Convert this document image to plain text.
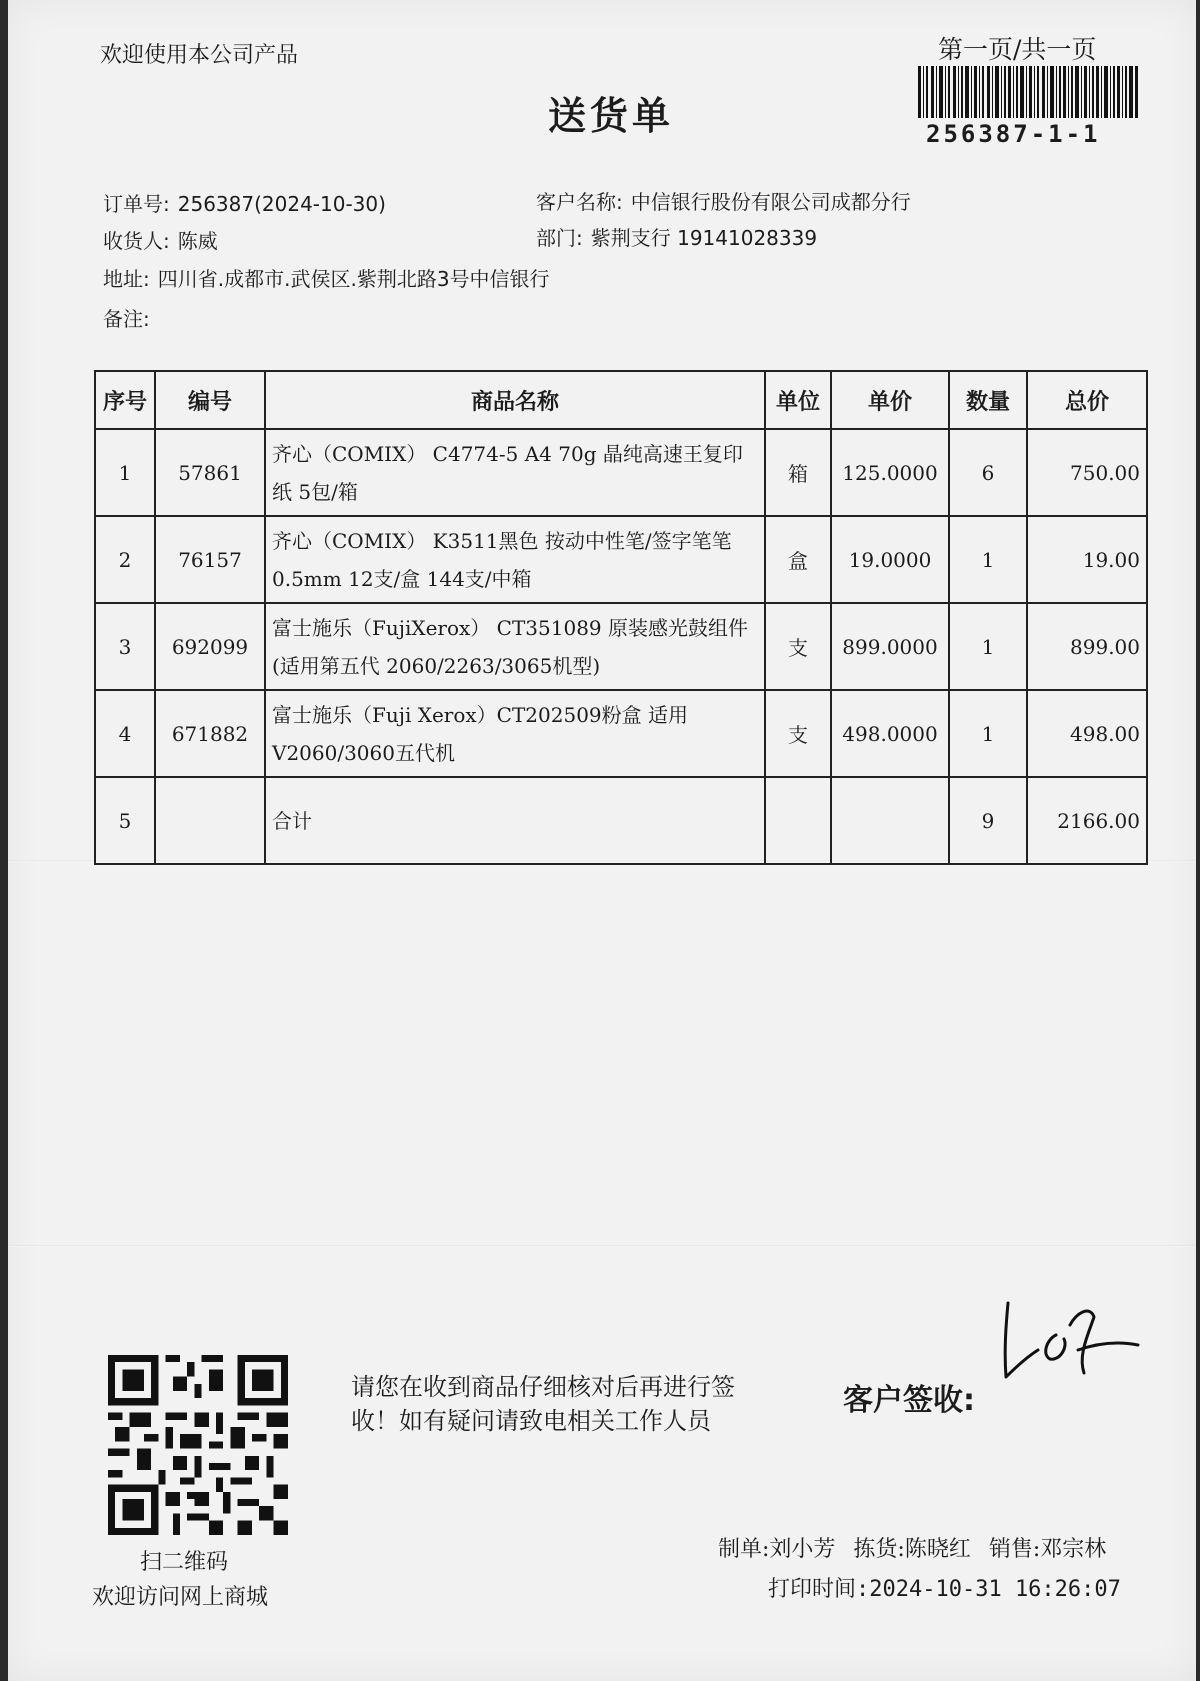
欢迎使用本公司产品	第一页/共一页
送货单	256387-1-1
订单号: 256387(2024-10-30)	客户名称: 中信银行股份有限公司成都分行
收货人: 陈威	部门: 紫荆支行 19141028339
地址: 四川省.成都市.武侯区.紫荆北路3号中信银行
备注:
序号	编号	商品名称	单位	单价	数量	总价
1	57861	齐心（COMIX） C4774-5 A4 70g 晶纯高速王复印纸 5包/箱	箱	125.0000	6	750.00
2	76157	齐心（COMIX） K3511黑色 按动中性笔/签字笔笔0.5mm 12支/盒 144支/中箱	盒	19.0000	1	19.00
3	692099	富士施乐（FujiXerox） CT351089 原装感光鼓组件 (适用第五代 2060/2263/3065机型)	支	899.0000	1	899.00
4	671882	富士施乐（Fuji Xerox）CT202509粉盒 适用V2060/3060五代机	支	498.0000	1	498.00
5		合计			9	2166.00
扫二维码
欢迎访问网上商城
请您在收到商品仔细核对后再进行签收！如有疑问请致电相关工作人员
客户签收:
制单:刘小芳 拣货:陈晓红 销售:邓宗林
打印时间:2024-10-31 16:26:07
